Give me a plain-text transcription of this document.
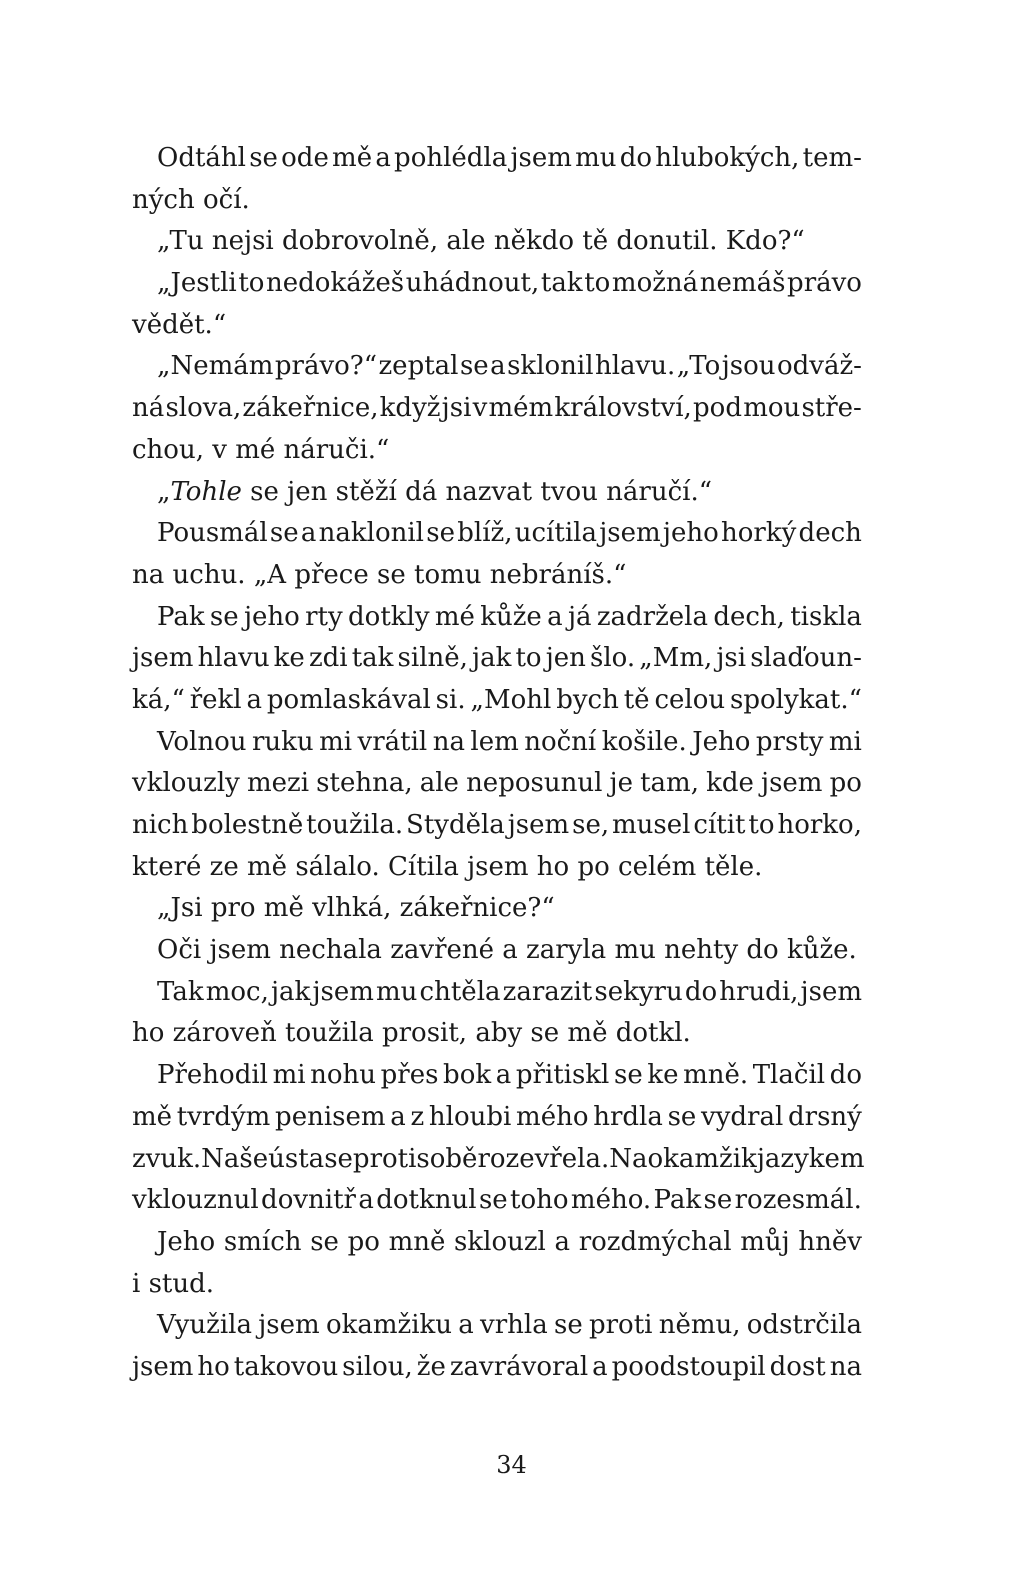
Odtáhl se ode mě a pohlédla jsem mu do hlubokých, tem-
ných očí.
„Tu nejsi dobrovolně, ale někdo tě donutil. Kdo?“
„Jestli to nedokážeš uhádnout, tak to možná nemáš právo
vědět.“
„Nemám právo?“ zeptal se a sklonil hlavu. „To jsou odváž-
ná slova, zákeřnice, když jsi v mém království, pod mou stře-
chou, v mé náruči.“
„Tohle se jen stěží dá nazvat tvou náručí.“
Pousmál se a naklonil se blíž, ucítila jsem jeho horký dech
na uchu. „A přece se tomu nebráníš.“
Pak se jeho rty dotkly mé kůže a já zadržela dech, tiskla
jsem hlavu ke zdi tak silně, jak to jen šlo. „Mm, jsi slaďoun-
ká,“ řekl a pomlaskával si. „Mohl bych tě celou spolykat.“
Volnou ruku mi vrátil na lem noční košile. Jeho prsty mi
vklouzly mezi stehna, ale neposunul je tam, kde jsem po
nich bolestně toužila. Styděla jsem se, musel cítit to horko,
které ze mě sálalo. Cítila jsem ho po celém těle.
„Jsi pro mě vlhká, zákeřnice?“
Oči jsem nechala zavřené a zaryla mu nehty do kůže.
Tak moc, jak jsem mu chtěla zarazit sekyru do hrudi, jsem
ho zároveň toužila prosit, aby se mě dotkl.
Přehodil mi nohu přes bok a přitiskl se ke mně. Tlačil do
mě tvrdým penisem a z hloubi mého hrdla se vydral drsný
zvuk. Naše ústa se proti sobě rozevřela. Na okamžik jazykem
vklouznul dovnitř a dotknul se toho mého. Pak se rozesmál.
Jeho smích se po mně sklouzl a rozdmýchal můj hněv
i stud.
Využila jsem okamžiku a vrhla se proti němu, odstrčila
jsem ho takovou silou, že zavrávoral a poodstoupil dost na
34
